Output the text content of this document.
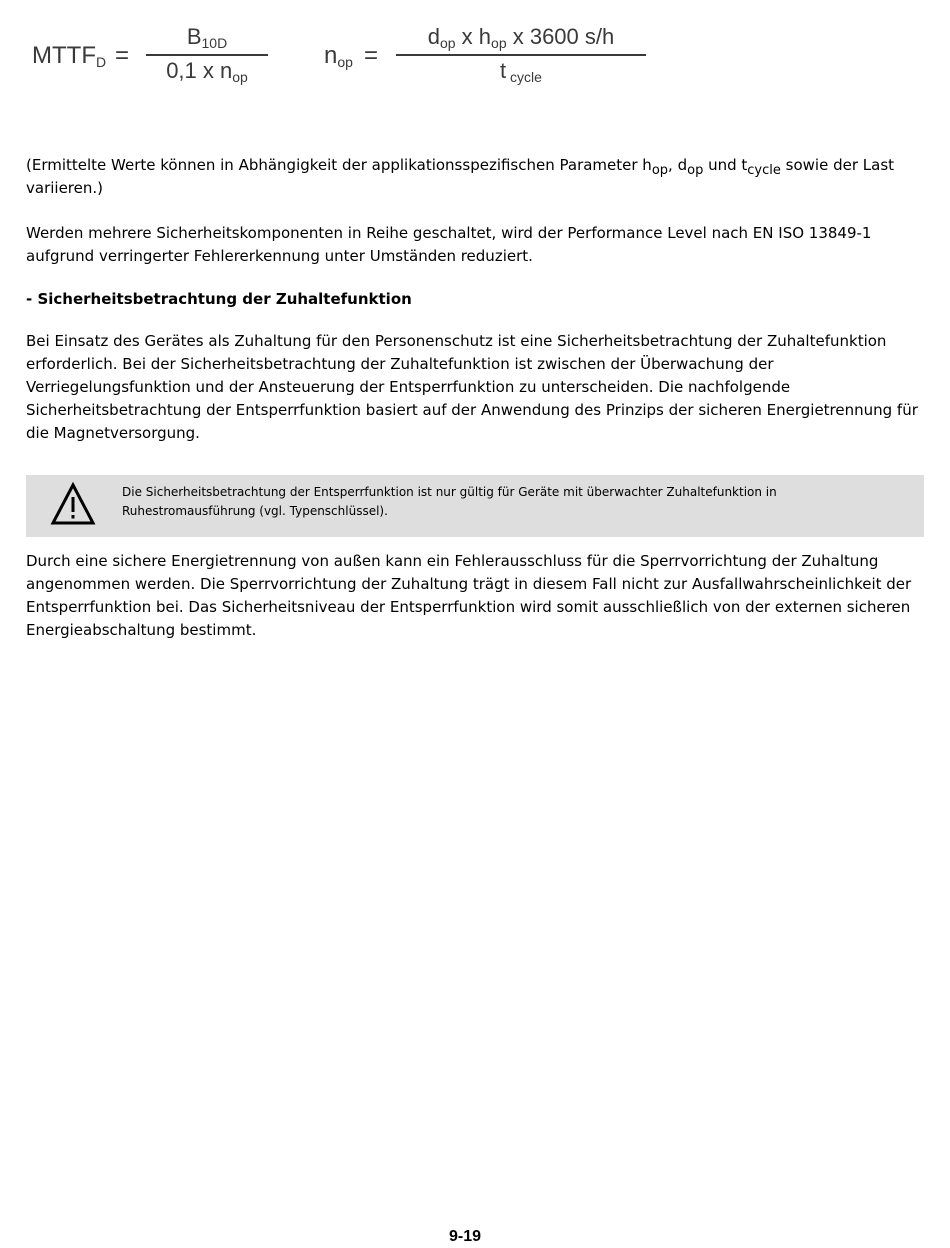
$MTTF_D$ =
$B_{10D}$
0,1 x $n_{op}$
$n_{op}$ =
$d_{op}$ x $h_{op}$ x 3600 s/h
t $_{cycle}$

(Ermittelte Werte können in Abhängigkeit der applikationsspezifischen Parameter $h_{op}$, $d_{op}$ und $t_{cycle}$ sowie der Last variieren.)

Werden mehrere Sicherheitskomponenten in Reihe geschaltet, wird der Performance Level nach EN ISO 13849-1 aufgrund verringerter Fehlererkennung unter Umständen reduziert.

- Sicherheitsbetrachtung der Zuhaltefunktion

Bei Einsatz des Gerätes als Zuhaltung für den Personenschutz ist eine Sicherheitsbetrachtung der Zuhaltefunktion erforderlich. Bei der Sicherheitsbetrachtung der Zuhaltefunktion ist zwischen der Überwachung der Verriegelungsfunktion und der Ansteuerung der Entsperrfunktion zu unterscheiden. Die nachfolgende Sicherheitsbetrachtung der Entsperrfunktion basiert auf der Anwendung des Prinzips der sicheren Energietrennung für die Magnetversorgung.

Die Sicherheitsbetrachtung der Entsperrfunktion ist nur gültig für Geräte mit überwachter Zuhaltefunktion in Ruhestromausführung (vgl. Typenschlüssel).

Durch eine sichere Energietrennung von außen kann ein Fehlerausschluss für die Sperrvorrichtung der Zuhaltung angenommen werden. Die Sperrvorrichtung der Zuhaltung trägt in diesem Fall nicht zur Ausfallwahrscheinlichkeit der Entsperrfunktion bei. Das Sicherheitsniveau der Entsperrfunktion wird somit ausschließlich von der externen sicheren Energieabschaltung bestimmt.

9-19
